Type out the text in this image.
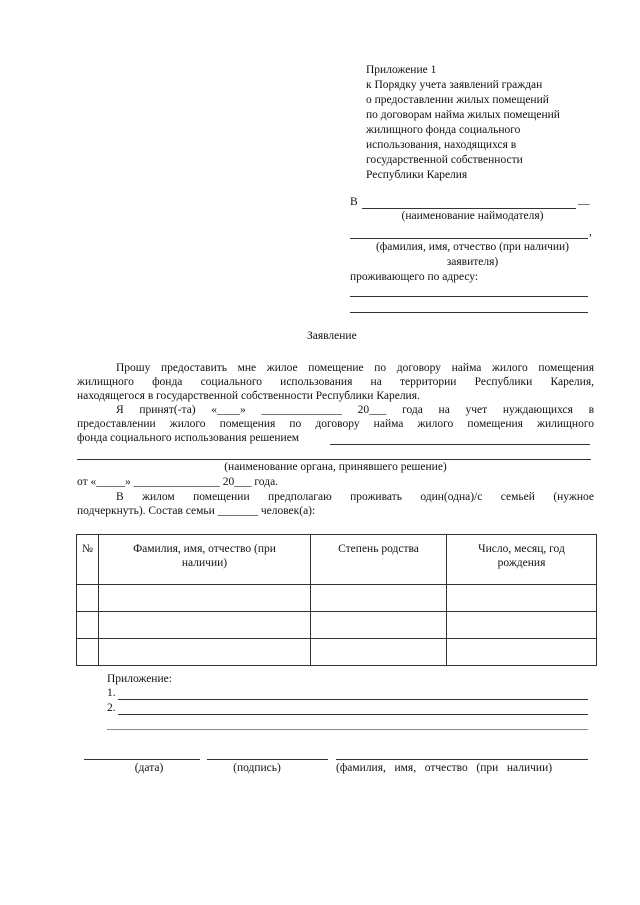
Приложение 1
к Порядку учета заявлений граждан
о предоставлении жилых помещений
по договорам найма жилых помещений
жилищного фонда социального
использования, находящихся в
государственной собственности
Республики Карелия
В	__
(наименование наймодателя)
,
(фамилия, имя, отчество (при наличии)
заявителя)
проживающего по адресу:
Заявление
Прошу предоставить мне жилое помещение по договору найма жилого помещения
жилищного фонда социального использования на территории Республики Карелия,
находящегося в государственной собственности Республики Карелия.
Я принят(-та) «____» ______________ 20___ года на учет нуждающихся в
предоставлении жилого помещения по договору найма жилого помещения жилищного
фонда социального использования решением
(наименование органа, принявшего решение)
от «_____» _______________ 20___ года.
В жилом помещении предполагаю проживать один(одна)/с семьей (нужное
подчеркнуть). Состав семьи _______ человек(а):
№	Фамилия, имя, отчество (при наличии)	Степень родства	Число, месяц, год рождения

Приложение:
1.
2.
(дата)	(подпись)	(фамилия,   имя,   отчество   (при   наличии)
